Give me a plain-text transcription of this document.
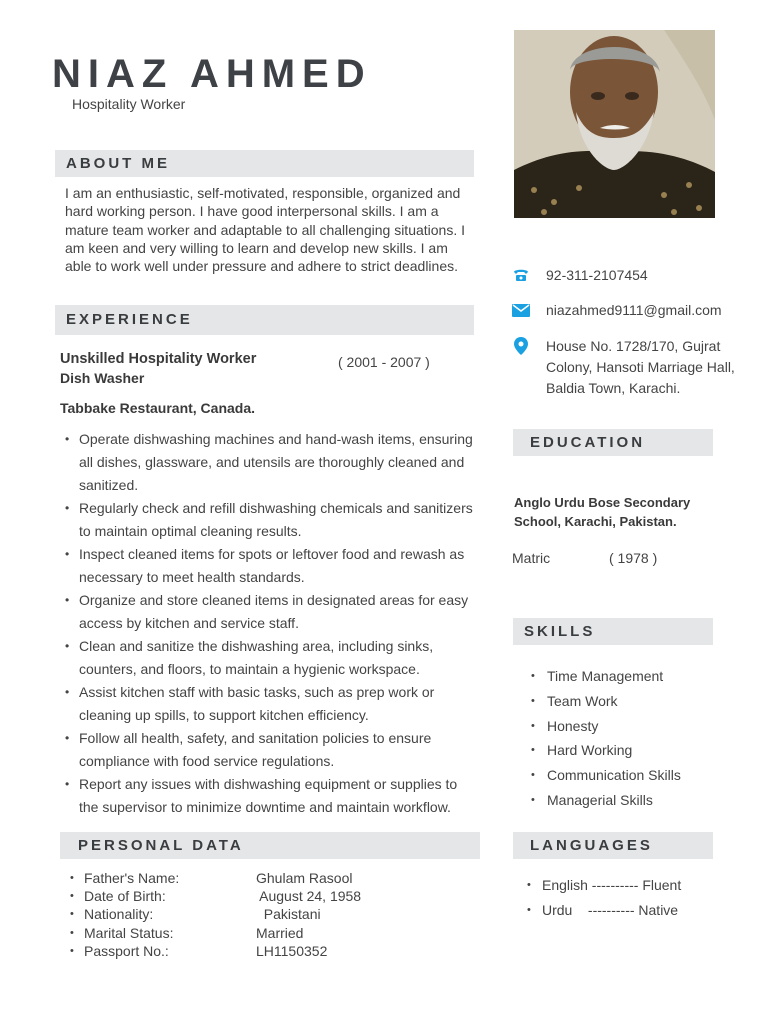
NIAZ AHMED
Hospitality Worker
ABOUT ME

I am an enthusiastic, self-motivated, responsible, organized and hard working person. I have good interpersonal skills. I am a mature team worker and adaptable to all challenging situations. I am keen and very willing to learn and develop new skills. I am able to work well under pressure and adhere to strict deadlines.

EXPERIENCE
Unskilled Hospitality Worker	( 2001 - 2007 )
Dish Washer
Tabbake Restaurant, Canada.
• Operate dishwashing machines and hand-wash items, ensuring all dishes, glassware, and utensils are thoroughly cleaned and sanitized.
• Regularly check and refill dishwashing chemicals and sanitizers to maintain optimal cleaning results.
• Inspect cleaned items for spots or leftover food and rewash as necessary to meet health standards.
• Organize and store cleaned items in designated areas for easy access by kitchen and service staff.
• Clean and sanitize the dishwashing area, including sinks, counters, and floors, to maintain a hygienic workspace.
• Assist kitchen staff with basic tasks, such as prep work or cleaning up spills, to support kitchen efficiency.
• Follow all health, safety, and sanitation policies to ensure compliance with food service regulations.
• Report any issues with dishwashing equipment or supplies to the supervisor to minimize downtime and maintain workflow.
PERSONAL DATA
• Father's Name:	Ghulam Rasool
• Date of Birth:	August 24, 1958
• Nationality:	Pakistani
• Marital Status:	Married
• Passport No.:	LH1150352
92-311-2107454
niazahmed9111@gmail.com
House No. 1728/170, Gujrat Colony, Hansoti Marriage Hall, Baldia Town, Karachi.
EDUCATION
Anglo Urdu Bose Secondary School, Karachi, Pakistan.
Matric	( 1978 )
SKILLS
• Time Management
• Team Work
• Honesty
• Hard Working
• Communication Skills
• Managerial Skills
LANGUAGES
• English ---------- Fluent
• Urdu    ---------- Native
